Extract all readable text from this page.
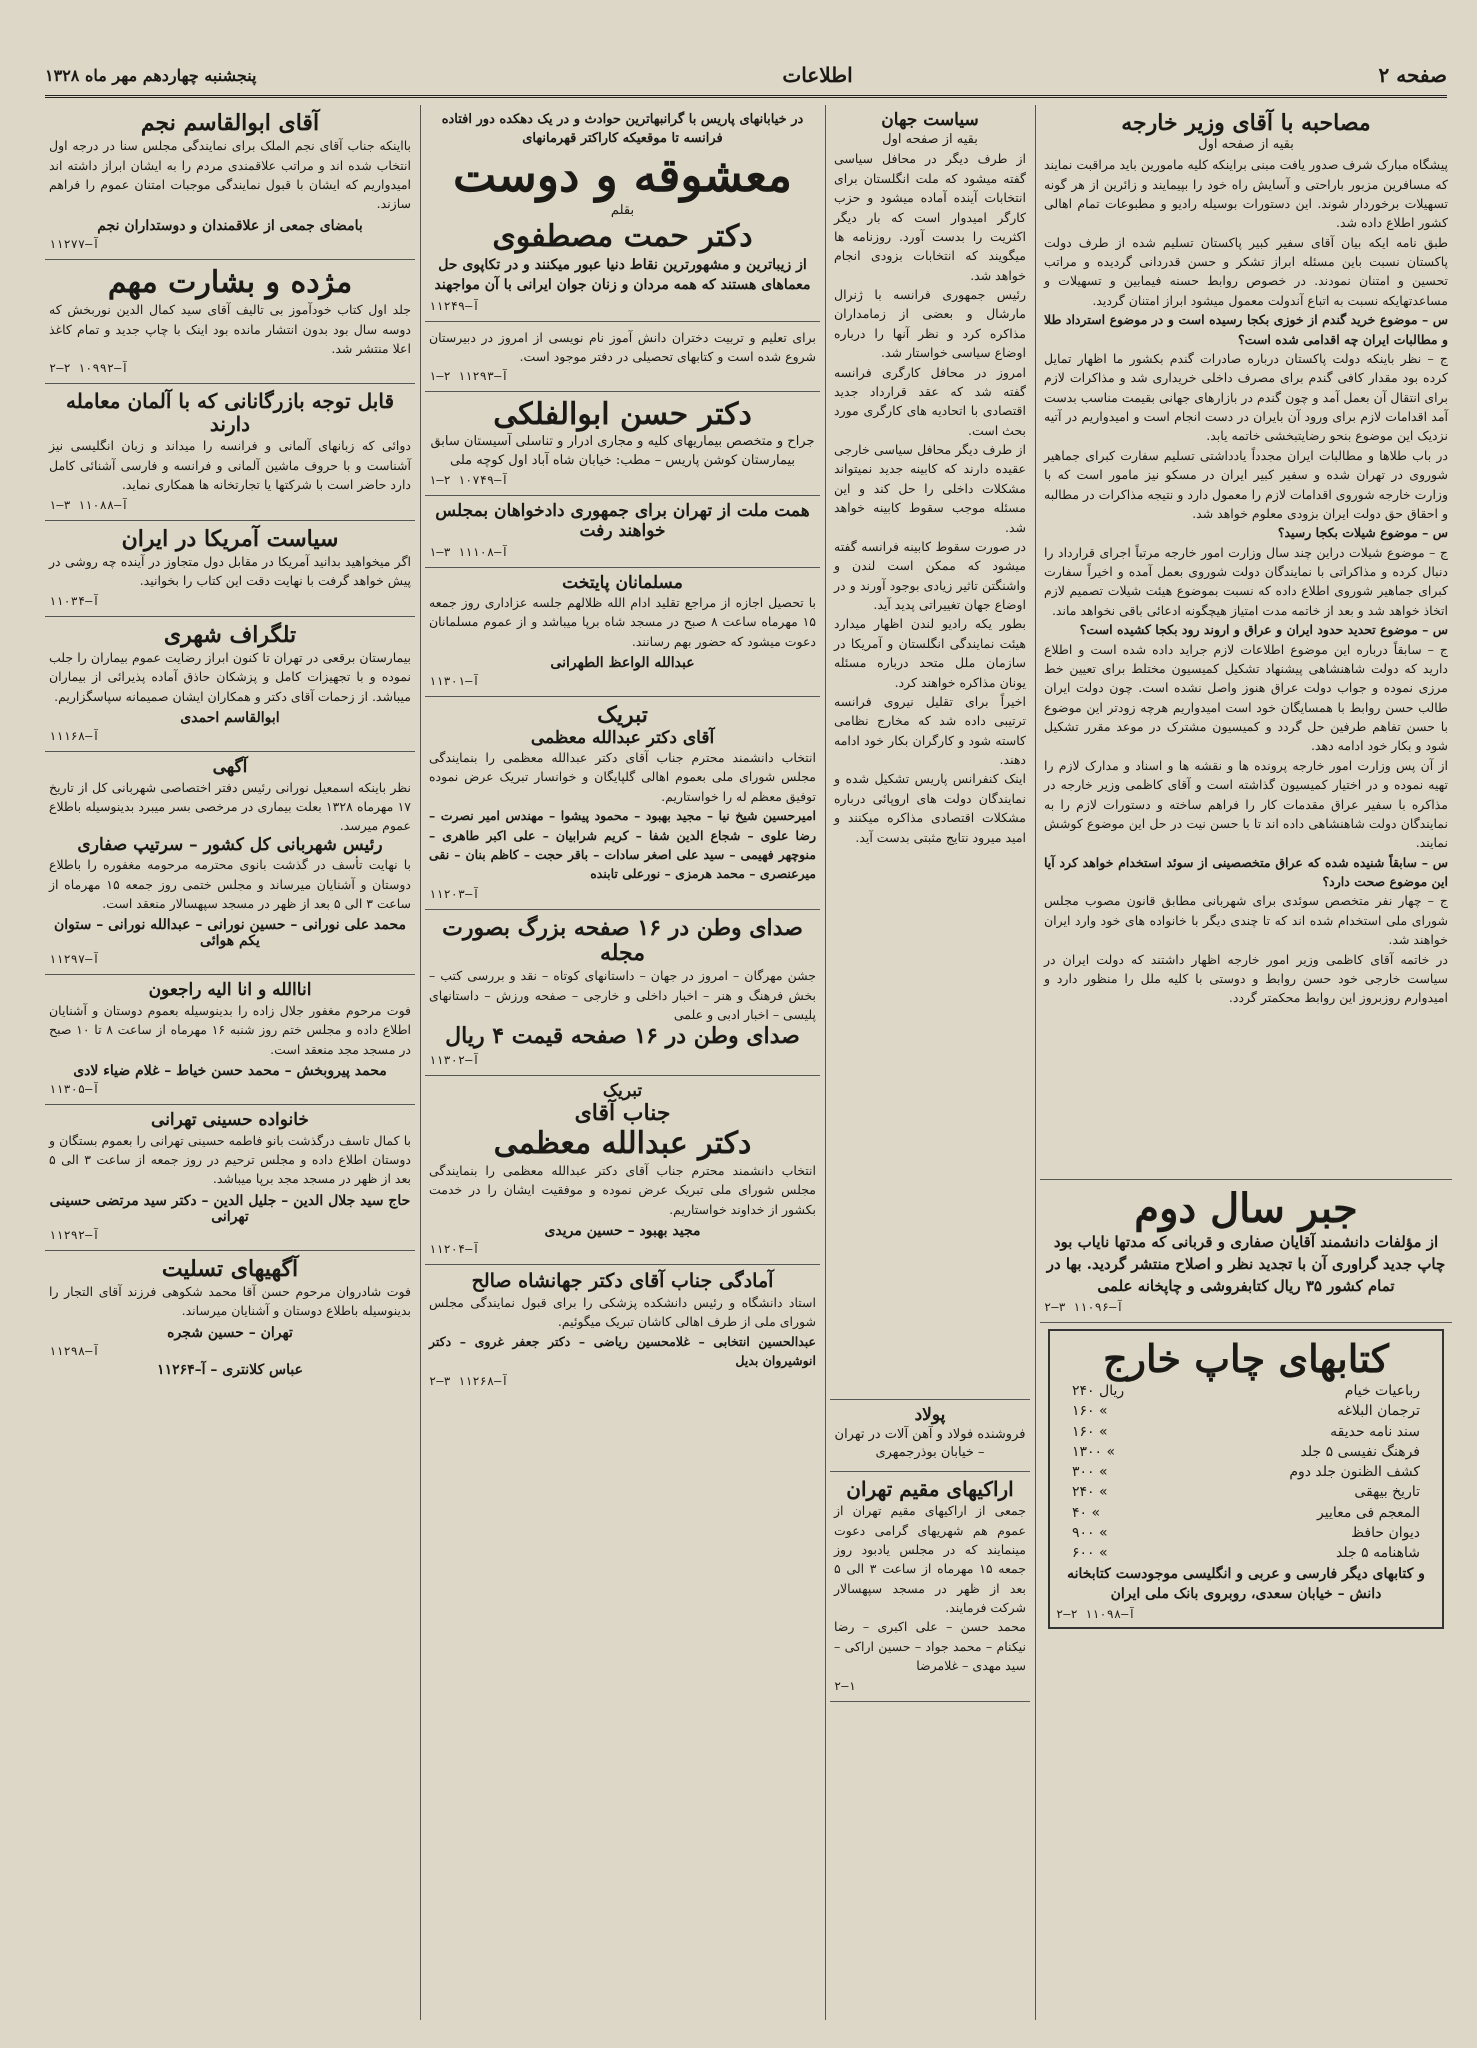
صفحه ۲
اطلاعات
پنجشنبه چهاردهم مهر ماه ۱۳۲۸
مصاحبه با آقای وزیر خارجه
بقیه از صفحه اول
پیشگاه مبارک شرف صدور یافت مبنی براینکه کلیه مامورین باید مراقبت نمایند که مسافرین مزبور باراحتی و آسایش راه خود را بپیمایند و زائرین از هر گونه تسهیلات برخوردار شوند. این دستورات بوسیله رادیو و مطبوعات تمام اهالی کشور اطلاع داده شد.
طبق نامه ایکه بیان آقای سفیر کبیر پاکستان تسلیم شده از طرف دولت پاکستان نسبت باین مسئله ابراز تشکر و حسن قدردانی گردیده و مراتب تحسین و امتنان نمودند. در خصوص روابط حسنه فیمابین و تسهیلات و مساعدتهایکه نسبت به اتباع آندولت معمول میشود ابراز امتنان گردید.
س – موضوع خرید گندم از خوزی بکجا رسیده است و در موضوع استرداد طلا و مطالبات ایران چه اقدامی شده است؟
ج – نظر باینکه دولت پاکستان درباره صادرات گندم بکشور ما اظهار تمایل کرده بود مقدار کافی گندم برای مصرف داخلی خریداری شد و مذاکرات لازم برای انتقال آن بعمل آمد و چون گندم در بازارهای جهانی بقیمت مناسب بدست آمد اقدامات لازم برای ورود آن بایران در دست انجام است و امیدواریم در آتیه نزدیک این موضوع بنحو رضایتبخشی خاتمه یابد.
در باب طلاها و مطالبات ایران مجدداً یادداشتی تسلیم سفارت کبرای جماهیر شوروی در تهران شده و سفیر کبیر ایران در مسکو نیز مامور است که با وزارت خارجه شوروی اقدامات لازم را معمول دارد و نتیجه مذاکرات در مطالبه و احقاق حق دولت ایران بزودی معلوم خواهد شد.
س – موضوع شیلات بکجا رسید؟
ج – موضوع شیلات دراین چند سال وزارت امور خارجه مرتباً اجرای قرارداد را دنبال کرده و مذاکراتی با نمایندگان دولت شوروی بعمل آمده و اخیراً سفارت کبرای جماهیر شوروی اطلاع داده که نسبت بموضوع هیئت شیلات تصمیم لازم اتخاذ خواهد شد و بعد از خاتمه مدت امتیاز هیچگونه ادعائی باقی نخواهد ماند.
س – موضوع تحدید حدود ایران و عراق و اروند رود بکجا کشیده است؟
ج – سابقاً درباره این موضوع اطلاعات لازم جراید داده شده است و اطلاع دارید که دولت شاهنشاهی پیشنهاد تشکیل کمیسیون مختلط برای تعیین خط مرزی نموده و جواب دولت عراق هنوز واصل نشده است. چون دولت ایران طالب حسن روابط با همسایگان خود است امیدواریم هرچه زودتر این موضوع با حسن تفاهم طرفین حل گردد و کمیسیون مشترک در موعد مقرر تشکیل شود و بکار خود ادامه دهد.
از آن پس وزارت امور خارجه پرونده ها و نقشه ها و اسناد و مدارک لازم را تهیه نموده و در اختیار کمیسیون گذاشته است و آقای کاظمی وزیر خارجه در مذاکره با سفیر عراق مقدمات کار را فراهم ساخته و دستورات لازم را به نمایندگان دولت شاهنشاهی داده اند تا با حسن نیت در حل این موضوع کوشش نمایند.
س – سابقاً شنیده شده که عراق متخصصینی از سوئد استخدام خواهد کرد آیا این موضوع صحت دارد؟
ج – چهار نفر متخصص سوئدی برای شهربانی مطابق قانون مصوب مجلس شورای ملی استخدام شده اند که تا چندی دیگر با خانواده های خود وارد ایران خواهند شد.
در خاتمه آقای کاظمی وزیر امور خارجه اظهار داشتند که دولت ایران در سیاست خارجی خود حسن روابط و دوستی با کلیه ملل را منظور دارد و امیدوارم روزبروز این روابط محکمتر گردد.
جبر سال دوم
از مؤلفات دانشمند آقایان صفاری و قربانی که مدتها نایاب بود چاپ جدید گراوری آن با تجدید نظر و اصلاح منتشر گردید. بها در تمام کشور ۳۵ ریال کتابفروشی و چاپخانه علمی
آ–۱۱۰۹۶ ۳–۲
کتابهای چاپ خارج
رباعیات خیام
۲۴۰ ریال
ترجمان البلاغه
۱۶۰ «
سند نامه حدیقه
۱۶۰ «
فرهنگ نفیسی ۵ جلد
۱۳۰۰ «
کشف الظنون جلد دوم
۳۰۰ «
تاریخ بیهقی
۲۴۰ «
المعجم فی معاییر
۴۰ «
دیوان حافظ
۹۰۰ «
شاهنامه ۵ جلد
۶۰۰ «
و کتابهای دیگر فارسی و عربی و انگلیسی موجودست کتابخانه دانش – خیابان سعدی، روبروی بانک ملی ایران
آ–۱۱۰۹۸ ۲–۲
سیاست جهان
بقیه از صفحه اول
از طرف دیگر در محافل سیاسی گفته میشود که ملت انگلستان برای انتخابات آینده آماده میشود و حزب کارگر امیدوار است که بار دیگر اکثریت را بدست آورد. روزنامه ها میگویند که انتخابات بزودی انجام خواهد شد.
رئیس جمهوری فرانسه با ژنرال مارشال و بعضی از زمامداران مذاکره کرد و نظر آنها را درباره اوضاع سیاسی خواستار شد.
امروز در محافل کارگری فرانسه گفته شد که عقد قرارداد جدید اقتصادی با اتحادیه های کارگری مورد بحث است.
از طرف دیگر محافل سیاسی خارجی عقیده دارند که کابینه جدید نمیتواند مشکلات داخلی را حل کند و این مسئله موجب سقوط کابینه خواهد شد.
در صورت سقوط کابینه فرانسه گفته میشود که ممکن است لندن و واشنگتن تاثیر زیادی بوجود آورند و در اوضاع جهان تغییراتی پدید آید.
بطور یکه رادیو لندن اظهار میدارد هیئت نمایندگی انگلستان و آمریکا در سازمان ملل متحد درباره مسئله یونان مذاکره خواهند کرد.
اخیراً برای تقلیل نیروی فرانسه ترتیبی داده شد که مخارج نظامی کاسته شود و کارگران بکار خود ادامه دهند.
اینک کنفرانس پاریس تشکیل شده و نمایندگان دولت های اروپائی درباره مشکلات اقتصادی مذاکره میکنند و امید میرود نتایج مثبتی بدست آید.
پولاد
فروشنده فولاد و آهن آلات در تهران – خیابان بوذرجمهری
اراکیهای مقیم تهران
جمعی از اراکیهای مقیم تهران از عموم هم شهریهای گرامی دعوت مینمایند که در مجلس یادبود روز جمعه ۱۵ مهرماه از ساعت ۳ الی ۵ بعد از ظهر در مسجد سپهسالار شرکت فرمایند.
محمد حسن – علی اکبری – رضا نیکنام – محمد جواد – حسین اراکی – سید مهدی – غلامرضا
۲–۱
در خیابانهای پاریس با گرانبهاترین حوادث و در یک دهکده دور افتاده فرانسه تا موقعیکه کاراکتر قهرمانهای
معشوقه و دوست
بقلم
دکتر حمت مصطفوی
از زیباترین و مشهورترین نقاط دنیا عبور میکنند و در تکاپوی حل معماهای هستند که همه مردان و زنان جوان ایرانی با آن مواجهند
آ–۱۱۲۴۹
برای تعلیم و تربیت دختران دانش آموز نام نویسی از امروز در دبیرستان شروع شده است و کتابهای تحصیلی در دفتر موجود است.
آ–۱۱۲۹۳ ۲–۱
دکتر حسن ابوالفلکی
جراح و متخصص بیماریهای کلیه و مجاری ادرار و تناسلی آسیستان سابق بیمارستان کوشن پاریس – مطب: خیابان شاه آباد اول کوچه ملی
آ–۱۰۷۴۹ ۲–۱
همت ملت از تهران برای جمهوری دادخواهان بمجلس خواهند رفت
آ–۱۱۱۰۸ ۳–۱
مسلمانان پایتخت
با تحصیل اجازه از مراجع تقلید ادام الله ظلالهم جلسه عزاداری روز جمعه ۱۵ مهرماه ساعت ۸ صبح در مسجد شاه برپا میباشد و از عموم مسلمانان دعوت میشود که حضور بهم رسانند.
عبدالله الواعظ الطهرانی
آ–۱۱۳۰۱
تبریک
آقای دکتر عبدالله معظمی
انتخاب دانشمند محترم جناب آقای دکتر عبدالله معظمی را بنمایندگی مجلس شورای ملی بعموم اهالی گلپایگان و خوانسار تبریک عرض نموده توفیق معظم له را خواستاریم.
امیرحسین شیخ نیا – مجید بهبود – محمود پیشوا – مهندس امیر نصرت – رضا علوی – شجاع الدین شفا – کریم شرابیان – علی اکبر طاهری – منوچهر فهیمی – سید علی اصغر سادات – باقر حجت – کاظم بنان – نقی میرعنصری – محمد هرمزی – نورعلی تابنده
آ–۱۱۲۰۳
صدای وطن در ۱۶ صفحه بزرگ بصورت مجله
جشن مهرگان – امروز در جهان – داستانهای کوتاه – نقد و بررسی کتب – بخش فرهنگ و هنر – اخبار داخلی و خارجی – صفحه ورزش – داستانهای پلیسی – اخبار ادبی و علمی
صدای وطن در ۱۶ صفحه قیمت ۴ ریال
آ–۱۱۳۰۲
تبریک
جناب آقای
دکتر عبدالله معظمی
انتخاب دانشمند محترم جناب آقای دکتر عبدالله معظمی را بنمایندگی مجلس شورای ملی تبریک عرض نموده و موفقیت ایشان را در خدمت بکشور از خداوند خواستاریم.
مجید بهبود – حسین مریدی
آ–۱۱۲۰۴
آمادگی جناب آقای دکتر جهانشاه صالح
استاد دانشگاه و رئیس دانشکده پزشکی را برای قبول نمایندگی مجلس شورای ملی از طرف اهالی کاشان تبریک میگوئیم.
عبدالحسین انتخابی – غلامحسین ریاضی – دکتر جعفر غروی – دکتر انوشیروان بدیل
آ–۱۱۲۶۸ ۳–۲
آقای ابوالقاسم نجم
بااینکه جناب آقای نجم الملک برای نمایندگی مجلس سنا در درجه اول انتخاب شده اند و مراتب علاقمندی مردم را به ایشان ابراز داشته اند امیدواریم که ایشان با قبول نمایندگی موجبات امتنان عموم را فراهم سازند.
بامضای جمعی از علاقمندان و دوستداران نجم
آ–۱۱۲۷۷
مژده و بشارت مهم
جلد اول کتاب خودآموز بی تالیف آقای سید کمال الدین نوربخش که دوسه سال بود بدون انتشار مانده بود اینک با چاپ جدید و تمام کاغذ اعلا منتشر شد.
آ–۱۰۹۹۲ ۲–۲
قابل توجه بازرگانانی که با آلمان معامله دارند
دوائی که زبانهای آلمانی و فرانسه را میداند و زبان انگلیسی نیز آشناست و با حروف ماشین آلمانی و فرانسه و فارسی آشنائی کامل دارد حاضر است با شرکتها یا تجارتخانه ها همکاری نماید.
آ–۱۱۰۸۸ ۳–۱
سیاست آمریکا در ایران
اگر میخواهید بدانید آمریکا در مقابل دول متجاوز در آینده چه روشی در پیش خواهد گرفت با نهایت دقت این کتاب را بخوانید.
آ–۱۱۰۳۴
تلگراف شهری
بیمارستان برقعی در تهران تا کنون ابراز رضایت عموم بیماران را جلب نموده و با تجهیزات کامل و پزشکان حاذق آماده پذیرائی از بیماران میباشد. از زحمات آقای دکتر و همکاران ایشان صمیمانه سپاسگزاریم.
ابوالقاسم احمدی
آ–۱۱۱۶۸
آگهی
نظر باینکه اسمعیل نورانی رئیس دفتر اختصاصی شهربانی کل از تاریخ ۱۷ مهرماه ۱۳۲۸ بعلت بیماری در مرخصی بسر میبرد بدینوسیله باطلاع عموم میرسد.
رئیس شهربانی کل کشور – سرتیپ صفاری
با نهایت تأسف در گذشت بانوی محترمه مرحومه مغفوره را باطلاع دوستان و آشنایان میرساند و مجلس ختمی روز جمعه ۱۵ مهرماه از ساعت ۳ الی ۵ بعد از ظهر در مسجد سپهسالار منعقد است.
محمد علی نورانی – حسین نورانی – عبدالله نورانی – ستوان یکم هوائی
آ–۱۱۲۹۷
اناالله و انا الیه راجعون
فوت مرحوم مغفور جلال زاده را بدینوسیله بعموم دوستان و آشنایان اطلاع داده و مجلس ختم روز شنبه ۱۶ مهرماه از ساعت ۸ تا ۱۰ صبح در مسجد مجد منعقد است.
محمد پیروبخش – محمد حسن خیاط – غلام ضیاء لادی
آ–۱۱۳۰۵
خانواده حسینی تهرانی
با کمال تاسف درگذشت بانو فاطمه حسینی تهرانی را بعموم بستگان و دوستان اطلاع داده و مجلس ترحیم در روز جمعه از ساعت ۳ الی ۵ بعد از ظهر در مسجد مجد برپا میباشد.
حاج سید جلال الدین – جلیل الدین – دکتر سید مرتضی حسینی تهرانی
آ–۱۱۲۹۲
آگهیهای تسلیت
فوت شادروان مرحوم حسن آقا محمد شکوهی فرزند آقای التجار را بدینوسیله باطلاع دوستان و آشنایان میرساند.
تهران – حسین شجره
آ–۱۱۲۹۸
عباس کلانتری – آ–۱۱۲۶۴
